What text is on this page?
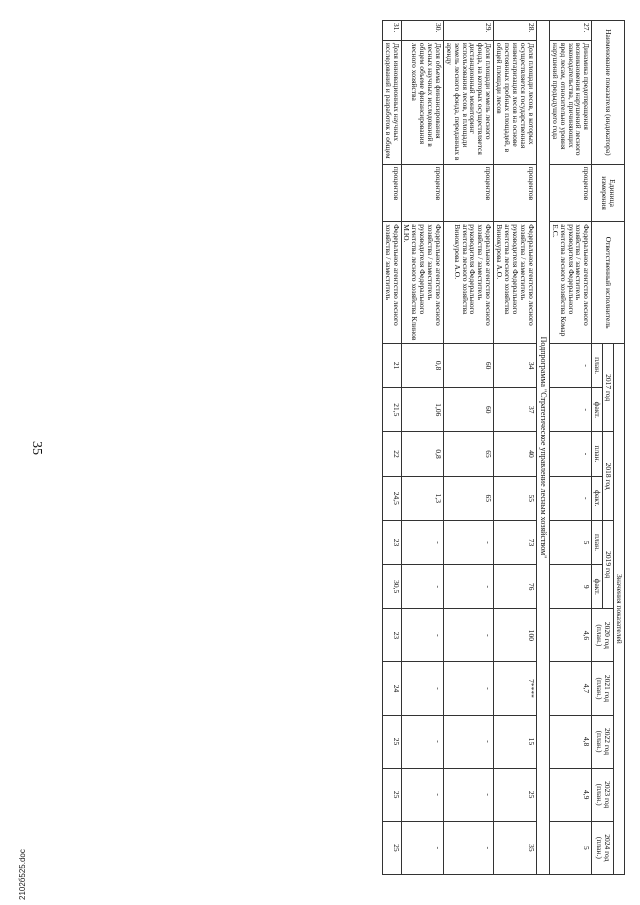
35
2102б525.doc
Наименование показателя (индикатора)		Единица измерения	Ответственный исполнитель	Значения показателей										
				2017 год		2018 год		2019 год		2020 год (план.)	2021 год (план.)	2022 год (план.)	2023 год (план.)	2024 год (план.)
				план.	факт.	план.	факт.	план.	факт.					
27.	Динамика предотвращения возникновения нарушений лесного законодательства, причиняющих вред лесам, относительно уровня нарушений предыдущего года	процентов	Федеральное агентство лесного хозяйства / заместитель руководителя Федерального агентства лесного хозяйства Комар Е.С.	-	-	-	-	5	9	4,6	4,7	4,8	4,9	5
Подпрограмма "Стратегическое управление лесным хозяйством"														
28.	Доля площади лесов, в которых осуществляется государственная инвентаризация лесов на основе постоянных пробных площадей, в общей площади лесов	процентов	Федеральное агентство лесного хозяйства / заместитель руководителя Федерального агентства лесного хозяйства Винокурова А.О.	34	37	40	55	73	76	100	7****	15	25	35
29.	Доля площади земель лесного фонда, на которых осуществляется дистанционный мониторинг использования лесов, в площади земель лесного фонда, переданных в аренду	процентов	Федеральное агентство лесного хозяйства / заместитель руководителя Федерального агентства лесного хозяйства Винокурова А.О.	60	60	65	65	-	-	-	-	-	-	-
30.	Доля объема финансирования лесных научных исследований в общем объеме финансирования лесного хозяйства	процентов	Федеральное агентство лесного хозяйства / заместитель руководителя Федерального агентства лесного хозяйства Клинов М.Ю.	0,8	1,06	0,8	1,3	-	-	-	-	-	-	-
31.	Доля инновационных научных исследований и разработок в общем	процентов	Федеральное агентство лесного хозяйства / заместитель	21	21,5	22	24,5	23	30,5	23	24	25	25	25
